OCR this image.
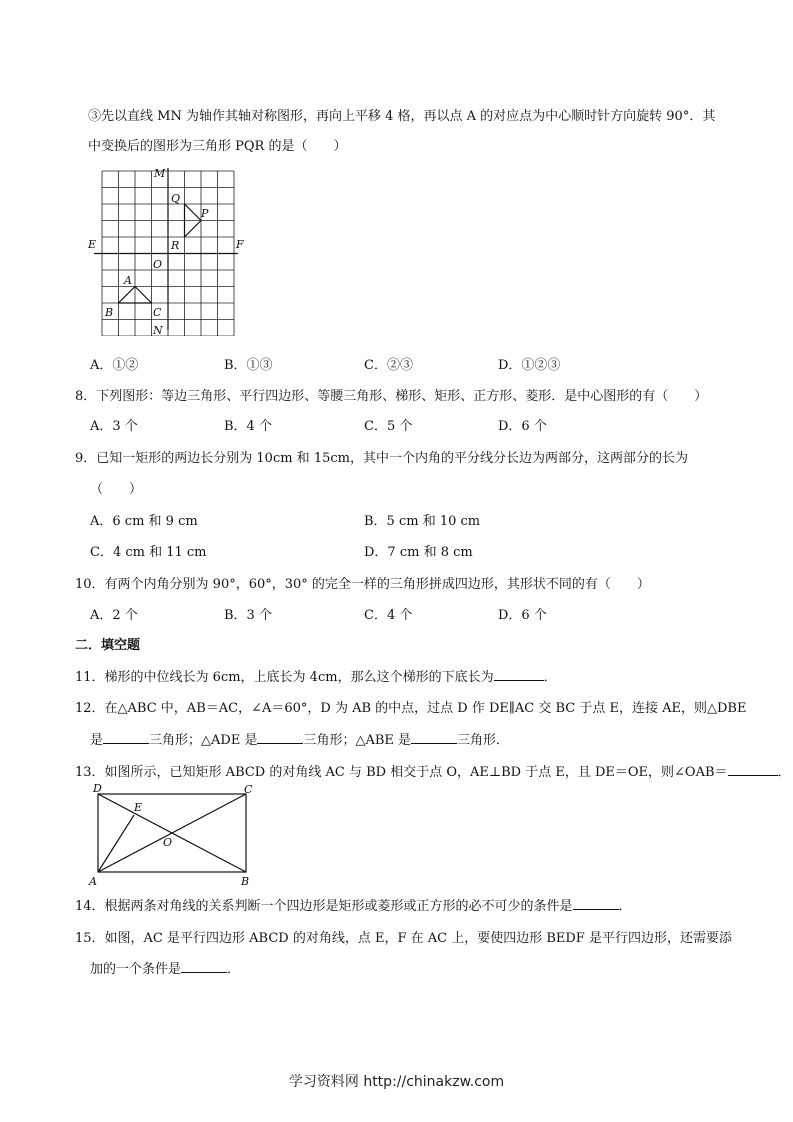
③先以直线 MN 为轴作其轴对称图形，再向上平移 4 格，再以点 A 的对应点为中心顺时针方向旋转 90°．其
中变换后的图形为三角形 PQR 的是（　　）
M
N
E	F
O
Q
P
R
A
B	C
A．①②	B．①③	C．②③	D．①②③
8．下列图形：等边三角形、平行四边形、等腰三角形、梯形、矩形、正方形、菱形．是中心图形的有（　　）
A．3 个	B．4 个	C．5 个	D．6 个
9．已知一矩形的两边长分别为 10cm 和 15cm，其中一个内角的平分线分长边为两部分，这两部分的长为
（　　）
A．6 cm 和 9 cm	B．5 cm 和 10 cm
C．4 cm 和 11 cm	D．7 cm 和 8 cm
10．有两个内角分别为 90°，60°，30° 的完全一样的三角形拼成四边形，其形状不同的有（　　）
A．2 个	B．3 个	C．4 个	D．6 个
二．填空题
11．梯形的中位线长为 6cm，上底长为 4cm，那么这个梯形的下底长为	．
12．在△ABC 中，AB＝AC，∠A＝60°，D 为 AB 的中点，过点 D 作 DE∥AC 交 BC 于点 E，连接 AE，则△DBE
是	三角形；△ADE 是	三角形；△ABE 是	三角形．
13．如图所示，已知矩形 ABCD 的对角线 AC 与 BD 相交于点 O，AE⊥BD 于点 E，且 DE＝OE，则∠OAB＝	．
D	C
A	B
E
O
14．根据两条对角线的关系判断一个四边形是矩形或菱形或正方形的必不可少的条件是	．
15．如图，AC 是平行四边形 ABCD 的对角线，点 E，F 在 AC 上，要使四边形 BEDF 是平行四边形，还需要添
加的一个条件是	．
学习资料网 http://chinakzw.com
